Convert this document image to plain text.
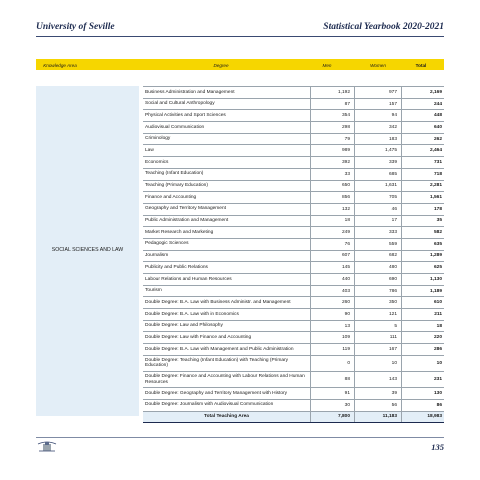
University of Seville	Statistical Yearbook 2020-2021
Knowledge Area	Degree	Men	Women	Total
SOCIAL SCIENCES AND LAW
Business Administration and Management	1,192	977	2,169
Social and Cultural Anthropology	87	157	244
Physical Activities and Sport Sciences	354	94	448
Audiovisual Communication	298	342	640
Criminology	79	183	262
Law	989	1,475	2,464
Economics	392	339	731
Teaching (Infant Education)	33	685	718
Teaching (Primary Education)	650	1,631	2,281
Finance and Accounting	856	705	1,561
Geography and Territory Management	132	46	178
Public Administration and Management	18	17	35
Market Research and Marketing	249	333	582
Pedagogic Sciences	76	559	635
Journalism	607	682	1,289
Publicity and Public Relations	145	480	625
Labour Relations and Human Resources	440	690	1,130
Tourism	403	786	1,189
Double Degree: B.A. Law with Business Administr. and Management	260	350	610
Double Degree: B.A. Law with in Economics	90	121	211
Double Degree: Law and Philosophy	13	5	18
Double Degree: Law with Finance and Accounting	109	111	220
Double Degree: B.A. Law with Management and Public Administration	119	167	286
Double Degree: Teaching (Infant Education) with Teaching (Primary Education)	0	10	10
Double Degree: Finance and Accounting with Labour Relations and Human Resources	88	143	231
Double Degree: Geography and Territory Management with History	91	39	130
Double Degree: Journalism with Audiovisual Communication	30	56	86
Total Teaching Area	7,800	11,183	18,983
135
